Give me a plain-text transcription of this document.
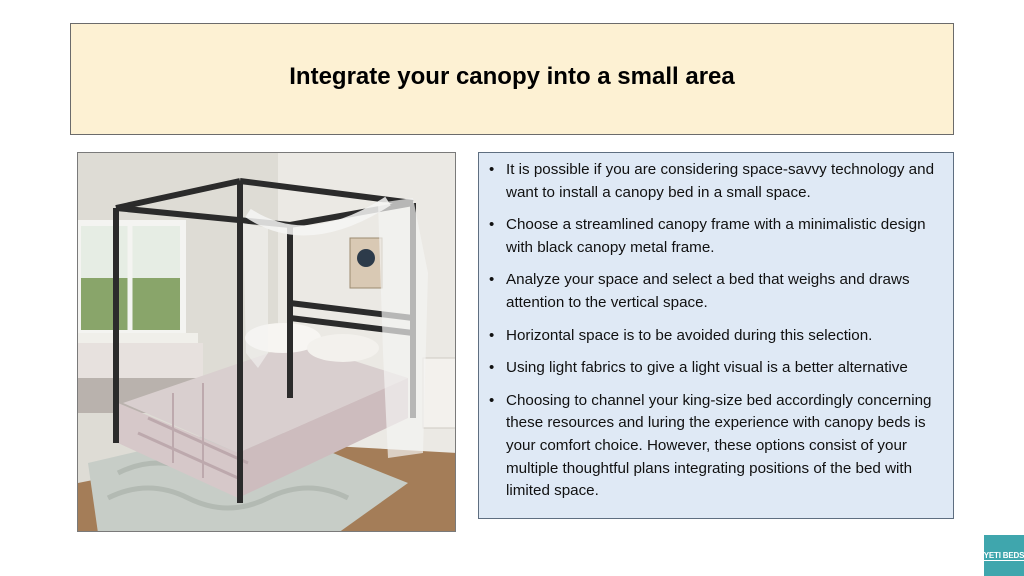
Integrate your canopy into a small area
• It is possible if you are considering space-savvy technology and want to install a canopy bed in a small space.
• Choose a streamlined canopy frame with a minimalistic design with black canopy metal frame.
• Analyze your space and select a bed that weighs and draws attention to the vertical space.
• Horizontal space is to be avoided during this selection.
• Using light fabrics to give a light visual is a better alternative
• Choosing to channel your king-size bed accordingly concerning these resources and luring the experience with canopy beds is your comfort choice. However, these options consist of your multiple thoughtful plans integrating positions of the bed with limited space.
YETI BEDS
